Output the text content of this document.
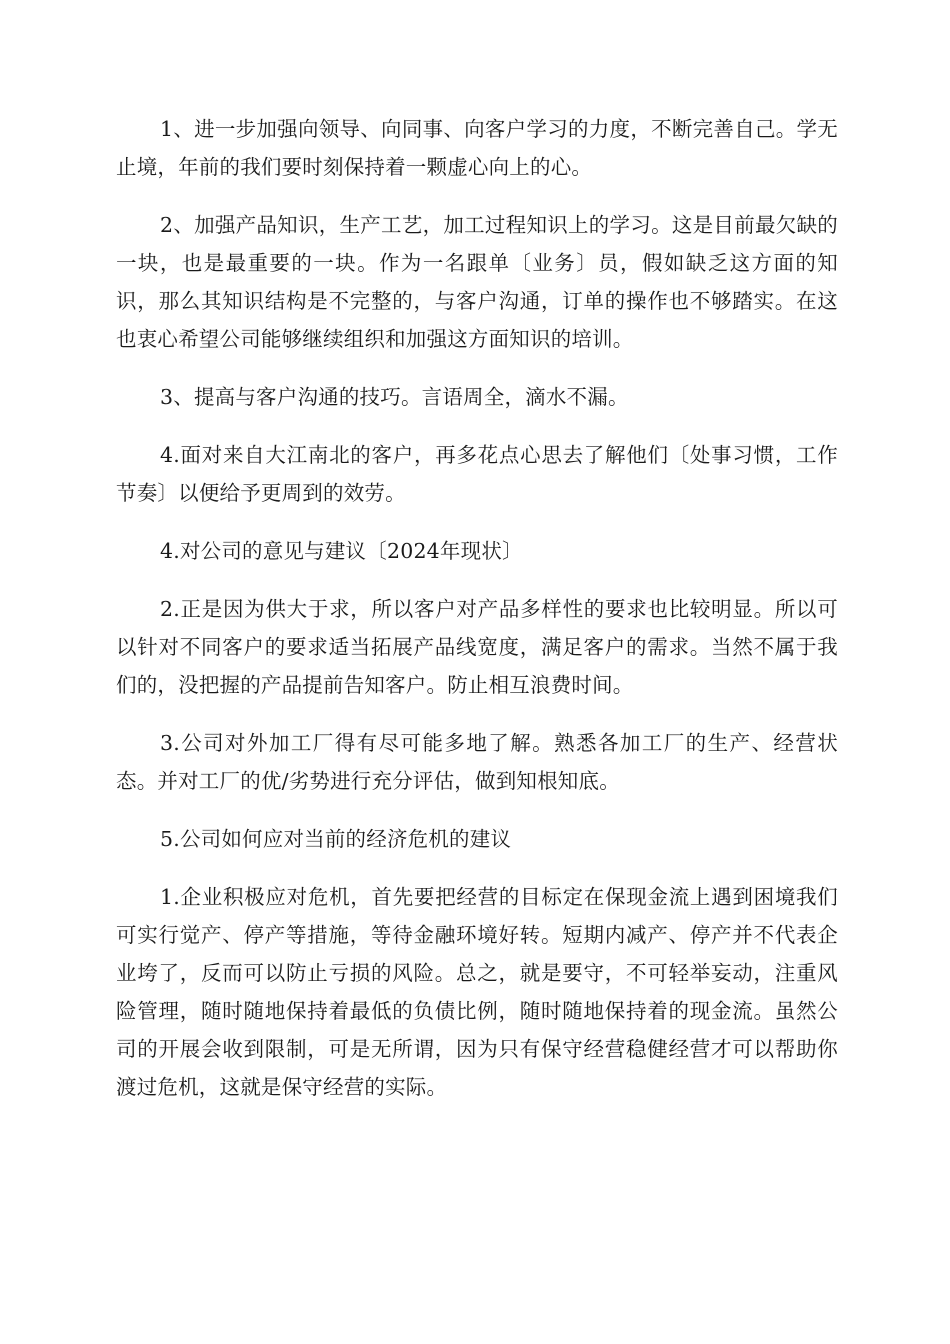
1、进一步加强向领导、向同事、向客户学习的力度，不断完善自己。学无止境，年前的我们要时刻保持着一颗虚心向上的心。

2、加强产品知识，生产工艺，加工过程知识上的学习。这是目前最欠缺的一块，也是最重要的一块。作为一名跟单〔业务〕员，假如缺乏这方面的知识，那么其知识结构是不完整的，与客户沟通，订单的操作也不够踏实。在这也衷心希望公司能够继续组织和加强这方面知识的培训。

3、提高与客户沟通的技巧。言语周全，滴水不漏。

4.面对来自大江南北的客户，再多花点心思去了解他们〔处事习惯，工作节奏〕以便给予更周到的效劳。

4.对公司的意见与建议〔2024年现状〕

2.正是因为供大于求，所以客户对产品多样性的要求也比较明显。所以可以针对不同客户的要求适当拓展产品线宽度，满足客户的需求。当然不属于我们的，没把握的产品提前告知客户。防止相互浪费时间。

3.公司对外加工厂得有尽可能多地了解。熟悉各加工厂的生产、经营状态。并对工厂的优/劣势进行充分评估，做到知根知底。

5.公司如何应对当前的经济危机的建议

1.企业积极应对危机，首先要把经营的目标定在保现金流上遇到困境我们可实行觉产、停产等措施，等待金融环境好转。短期内减产、停产并不代表企业垮了，反而可以防止亏损的风险。总之，就是要守，不可轻举妄动，注重风险管理，随时随地保持着最低的负债比例，随时随地保持着的现金流。虽然公司的开展会收到限制，可是无所谓，因为只有保守经营稳健经营才可以帮助你渡过危机，这就是保守经营的实际。
